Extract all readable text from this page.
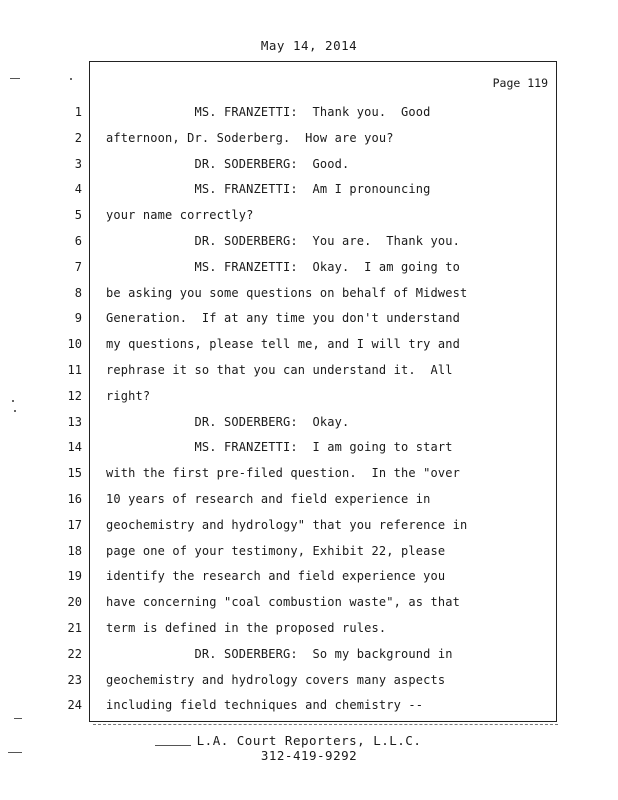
May 14, 2014
Page 119
1 MS. FRANZETTI:  Thank you.  Good
2 afternoon, Dr. Soderberg.  How are you?
3 DR. SODERBERG:  Good.
4 MS. FRANZETTI:  Am I pronouncing
5 your name correctly?
6 DR. SODERBERG:  You are.  Thank you.
7 MS. FRANZETTI:  Okay.  I am going to
8 be asking you some questions on behalf of Midwest
9 Generation.  If at any time you don't understand
10 my questions, please tell me, and I will try and
11 rephrase it so that you can understand it.  All
12 right?
13 DR. SODERBERG:  Okay.
14 MS. FRANZETTI:  I am going to start
15 with the first pre-filed question.  In the "over
16 10 years of research and field experience in
17 geochemistry and hydrology" that you reference in
18 page one of your testimony, Exhibit 22, please
19 identify the research and field experience you
20 have concerning "coal combustion waste", as that
21 term is defined in the proposed rules.
22 DR. SODERBERG:  So my background in
23 geochemistry and hydrology covers many aspects
24 including field techniques and chemistry --
L.A. Court Reporters, L.L.C.
312-419-9292
